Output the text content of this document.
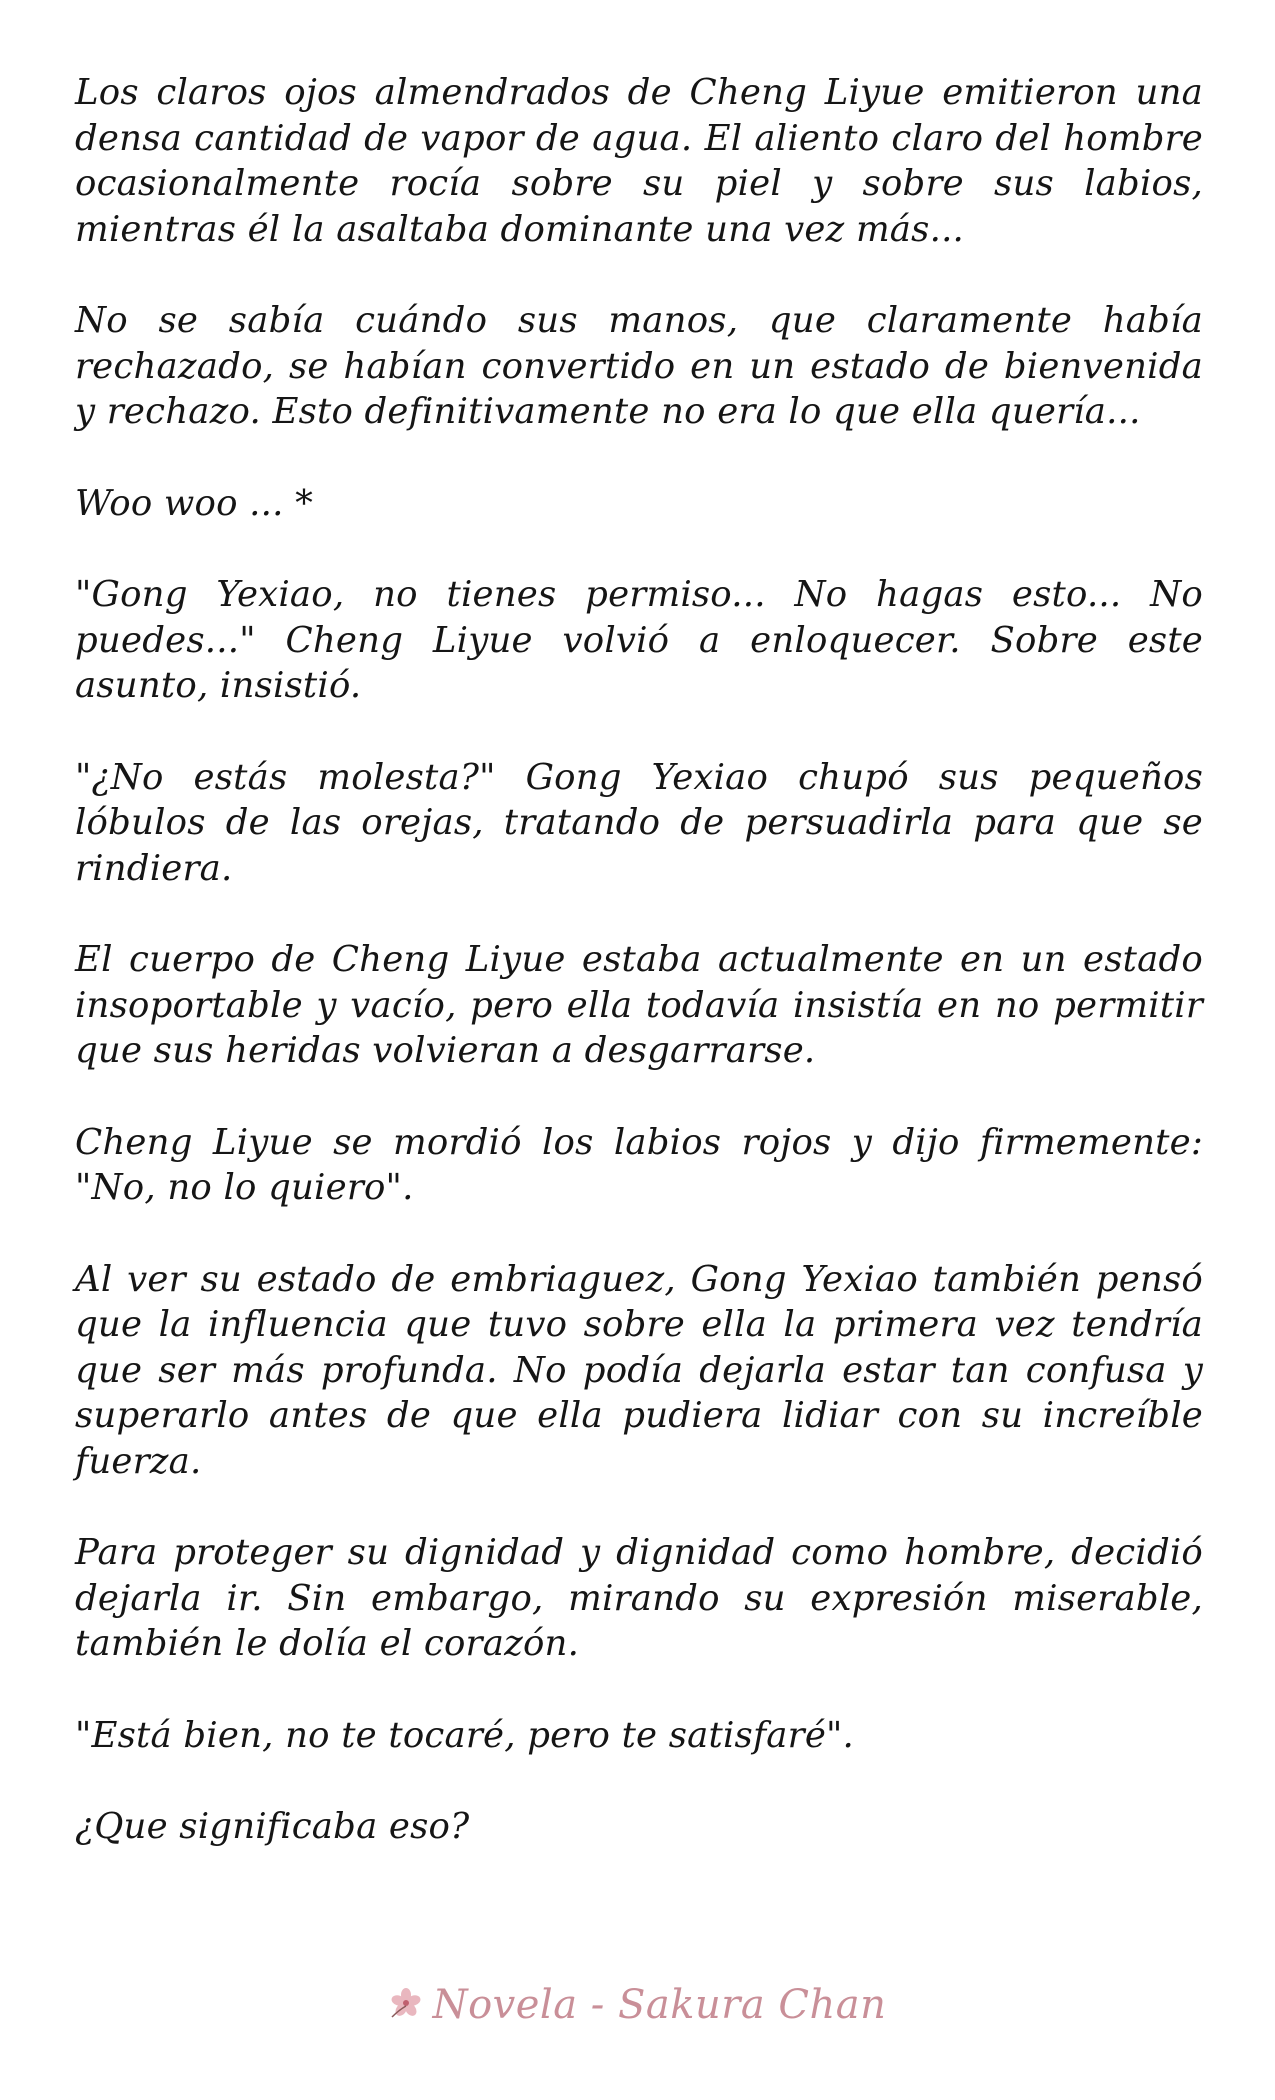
Los claros ojos almendrados de Cheng Liyue emitieron una densa cantidad de vapor de agua. El aliento claro del hombre ocasionalmente rocía sobre su piel y sobre sus labios, mientras él la asaltaba dominante una vez más...

No se sabía cuándo sus manos, que claramente había rechazado, se habían convertido en un estado de bienvenida y rechazo. Esto definitivamente no era lo que ella quería...

Woo woo ... *

"Gong Yexiao, no tienes permiso... No hagas esto... No puedes..." Cheng Liyue volvió a enloquecer. Sobre este asunto, insistió.

"¿No estás molesta?" Gong Yexiao chupó sus pequeños lóbulos de las orejas, tratando de persuadirla para que se rindiera.

El cuerpo de Cheng Liyue estaba actualmente en un estado insoportable y vacío, pero ella todavía insistía en no permitir que sus heridas volvieran a desgarrarse.

Cheng Liyue se mordió los labios rojos y dijo firmemente: "No, no lo quiero".

Al ver su estado de embriaguez, Gong Yexiao también pensó que la influencia que tuvo sobre ella la primera vez tendría que ser más profunda. No podía dejarla estar tan confusa y superarlo antes de que ella pudiera lidiar con su increíble fuerza.

Para proteger su dignidad y dignidad como hombre, decidió dejarla ir. Sin embargo, mirando su expresión miserable, también le dolía el corazón.

"Está bien, no te tocaré, pero te satisfaré".

¿Que significaba eso?

Novela - Sakura Chan
